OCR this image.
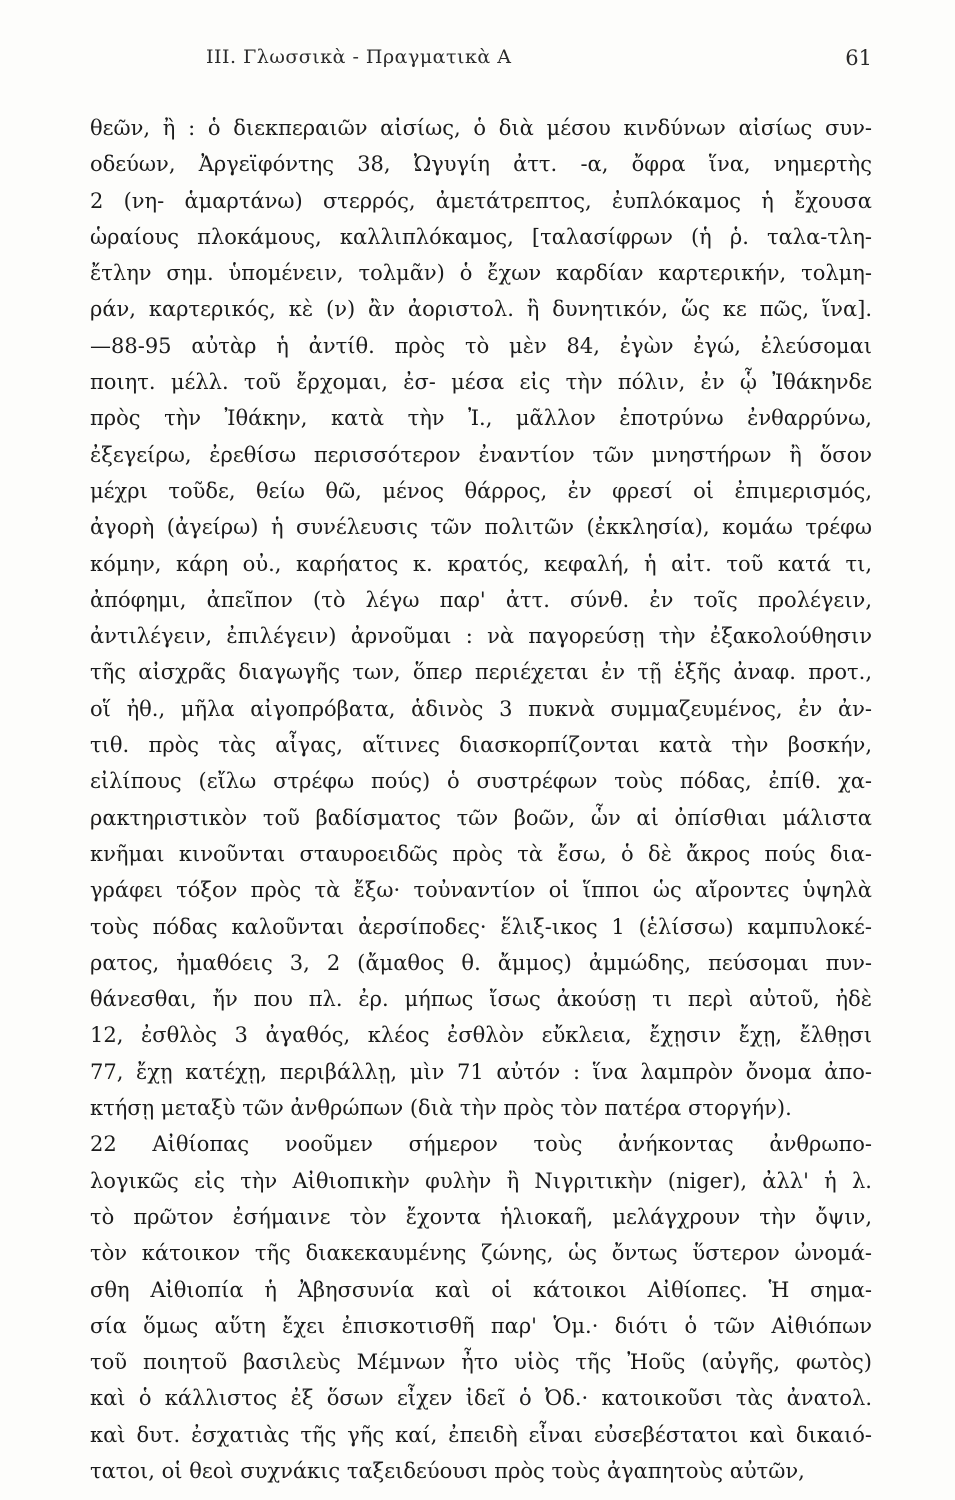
III. Γλωσσικὰ - Πραγματικὰ Α	61
θεῶν, ἢ : ὁ διεκπεραιῶν αἰσίως, ὁ διὰ μέσου κινδύνων αἰσίως συν-
οδεύων, Ἀργεϊφόντης 38, Ὠγυγίη ἀττ. -α, ὄφρα ἵνα, νημερτὴς
2 (νη- ἁμαρτάνω) στερρός, ἀμετάτρεπτος, ἐυπλόκαμος ἡ ἔχουσα
ὡραίους πλοκάμους, καλλιπλόκαμος, [ταλασίφρων (ἡ ῥ. ταλα-τλη-
ἔτλην σημ. ὑπομένειν, τολμᾶν) ὁ ἔχων καρδίαν καρτερικήν, τολμη-
ράν, καρτερικός, κὲ (ν) ἂν ἀοριστολ. ἢ δυνητικόν, ὥς κε πῶς, ἵνα].
—88-95 αὐτὰρ ἡ ἀντίθ. πρὸς τὸ μὲν 84, ἐγὼν ἐγώ, ἐλεύσομαι
ποιητ. μέλλ. τοῦ ἔρχομαι, ἐσ- μέσα εἰς τὴν πόλιν, ἐν ᾧ Ἰθάκηνδε
πρὸς τὴν Ἰθάκην, κατὰ τὴν Ἰ., μᾶλλον ἐποτρύνω ἐνθαρρύνω,
ἐξεγείρω, ἐρεθίσω περισσότερον ἐναντίον τῶν μνηστήρων ἢ ὅσον
μέχρι τοῦδε, θείω θῶ, μένος θάρρος, ἐν φρεσί οἱ ἐπιμερισμός,
ἀγορὴ (ἀγείρω) ἡ συνέλευσις τῶν πολιτῶν (ἐκκλησία), κομάω τρέφω
κόμην, κάρη οὐ., καρήατος κ. κρατός, κεφαλή, ἡ αἰτ. τοῦ κατά τι,
ἀπόφημι, ἀπεῖπον (τὸ λέγω παρ' ἀττ. σύνθ. ἐν τοῖς προλέγειν,
ἀντιλέγειν, ἐπιλέγειν) ἀρνοῦμαι : νὰ παγορεύσῃ τὴν ἐξακολούθησιν
τῆς αἰσχρᾶς διαγωγῆς των, ὅπερ περιέχεται ἐν τῇ ἑξῆς ἀναφ. προτ.,
οἵ ἠθ., μῆλα αἰγοπρόβατα, ἁδινὸς 3 πυκνὰ συμμαζευμένος, ἐν ἀν-
τιθ. πρὸς τὰς αἶγας, αἵτινες διασκορπίζονται κατὰ τὴν βοσκήν,
εἰλίπους (εἴλω στρέφω πούς) ὁ συστρέφων τοὺς πόδας, ἐπίθ. χα-
ρακτηριστικὸν τοῦ βαδίσματος τῶν βοῶν, ὧν αἱ ὀπίσθιαι μάλιστα
κνῆμαι κινοῦνται σταυροειδῶς πρὸς τὰ ἔσω, ὁ δὲ ἄκρος πούς δια-
γράφει τόξον πρὸς τὰ ἔξω· τοὐναντίον οἱ ἵπποι ὡς αἴροντες ὑψηλὰ
τοὺς πόδας καλοῦνται ἀερσίποδες· ἕλιξ-ικος 1 (ἑλίσσω) καμπυλοκέ-
ρατος, ἠμαθόεις 3, 2 (ἄμαθος θ. ἄμμος) ἀμμώδης, πεύσομαι πυν-
θάνεσθαι, ἤν που πλ. ἐρ. μήπως ἴσως ἀκούσῃ τι περὶ αὐτοῦ, ἠδὲ
12, ἐσθλὸς 3 ἀγαθός, κλέος ἐσθλὸν εὔκλεια, ἔχῃσιν ἔχῃ, ἔλθῃσι
77, ἔχῃ κατέχῃ, περιβάλλῃ, μὶν 71 αὐτόν : ἵνα λαμπρὸν ὄνομα ἀπο-
κτήσῃ μεταξὺ τῶν ἀνθρώπων (διὰ τὴν πρὸς τὸν πατέρα στοργήν).
22 Αἰθίοπας νοοῦμεν σήμερον τοὺς ἀνήκοντας ἀνθρωπο-
λογικῶς εἰς τὴν Αἰθιοπικὴν φυλὴν ἢ Νιγριτικὴν (niger), ἀλλ' ἡ λ.
τὸ πρῶτον ἐσήμαινε τὸν ἔχοντα ἡλιοκαῆ, μελάγχρουν τὴν ὄψιν,
τὸν κάτοικον τῆς διακεκαυμένης ζώνης, ὡς ὄντως ὕστερον ὠνομά-
σθη Αἰθιοπία ἡ Ἀβησσυνία καὶ οἱ κάτοικοι Αἰθίοπες. Ἡ σημα-
σία ὅμως αὕτη ἔχει ἐπισκοτισθῆ παρ' Ὁμ.· διότι ὁ τῶν Αἰθιόπων
τοῦ ποιητοῦ βασιλεὺς Μέμνων ἦτο υἱὸς τῆς Ἠοῦς (αὐγῆς, φωτὸς)
καὶ ὁ κάλλιστος ἐξ ὅσων εἶχεν ἰδεῖ ὁ Ὀδ.· κατοικοῦσι τὰς ἀνατολ.
καὶ δυτ. ἐσχατιὰς τῆς γῆς καί, ἐπειδὴ εἶναι εὐσεβέστατοι καὶ δικαιό-
τατοι, οἱ θεοὶ συχνάκις ταξειδεύουσι πρὸς τοὺς ἀγαπητοὺς αὐτῶν,
